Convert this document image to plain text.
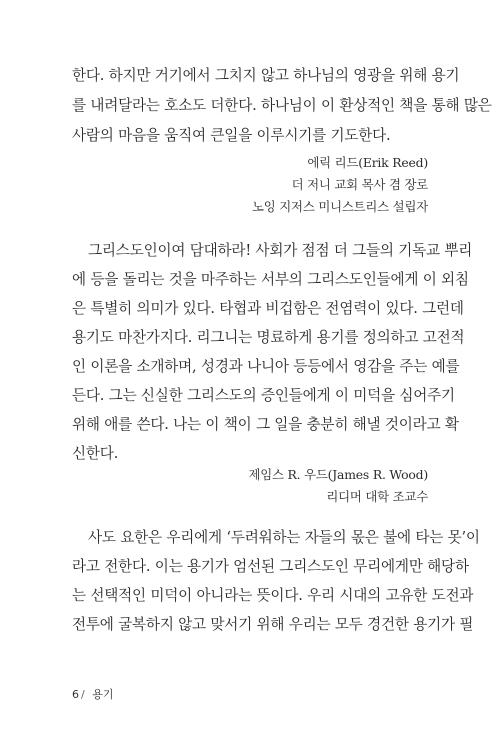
한다. 하지만 거기에서 그치지 않고 하나님의 영광을 위해 용기
를 내려달라는 호소도 더한다. 하나님이 이 환상적인 책을 통해 많은
사람의 마음을 움직여 큰일을 이루시기를 기도한다.
에릭 리드(Erik Reed)
더 저니 교회 목사 겸 장로
노잉 지저스 미니스트리스 설립자
그리스도인이여 담대하라! 사회가 점점 더 그들의 기독교 뿌리
에 등을 돌리는 것을 마주하는 서부의 그리스도인들에게 이 외침
은 특별히 의미가 있다. 타협과 비겁함은 전염력이 있다. 그런데
용기도 마찬가지다. 리그니는 명료하게 용기를 정의하고 고전적
인 이론을 소개하며, 성경과 나니아 등등에서 영감을 주는 예를
든다. 그는 신실한 그리스도의 증인들에게 이 미덕을 심어주기
위해 애를 쓴다. 나는 이 책이 그 일을 충분히 해낼 것이라고 확
신한다.
제임스 R. 우드(James R. Wood)
리디머 대학 조교수
사도 요한은 우리에게 ‘두려워하는 자들의 몫은 불에 타는 못’이
라고 전한다. 이는 용기가 엄선된 그리스도인 무리에게만 해당하
는 선택적인 미덕이 아니라는 뜻이다. 우리 시대의 고유한 도전과
전투에 굴복하지 않고 맞서기 위해 우리는 모두 경건한 용기가 필
6 / 용기
